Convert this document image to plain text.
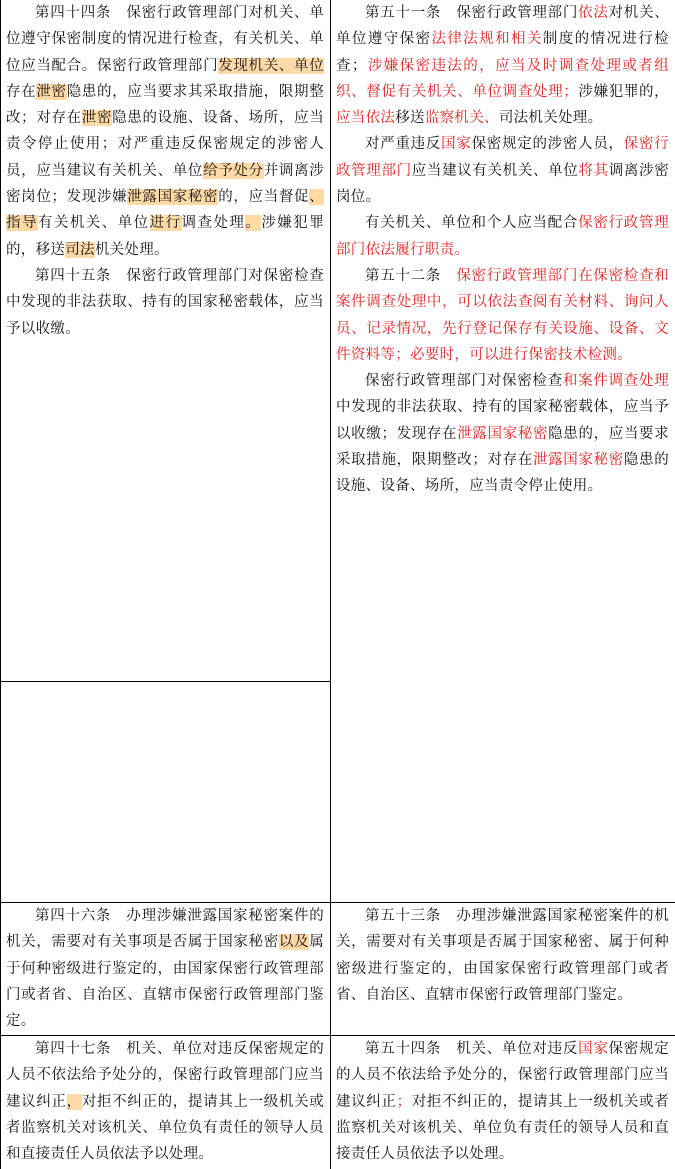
第四十四条　保密行政管理部门对机关、单位遵守保密制度的情况进行检查，有关机关、单位应当配合。保密行政管理部门发现机关、单位存在泄密隐患的，应当要求其采取措施，限期整改；对存在泄密隐患的设施、设备、场所，应当责令停止使用；对严重违反保密规定的涉密人员，应当建议有关机关、单位给予处分并调离涉密岗位；发现涉嫌泄露国家秘密的，应当督促、指导有关机关、单位进行调查处理。涉嫌犯罪的，移送司法机关处理。

第四十五条　保密行政管理部门对保密检查中发现的非法获取、持有的国家秘密载体，应当予以收缴。

第五十一条　保密行政管理部门依法对机关、单位遵守保密法律法规和相关制度的情况进行检查；涉嫌保密违法的，应当及时调查处理或者组织、督促有关机关、单位调查处理；涉嫌犯罪的，应当依法移送监察机关、司法机关处理。

对严重违反国家保密规定的涉密人员，保密行政管理部门应当建议有关机关、单位将其调离涉密岗位。

有关机关、单位和个人应当配合保密行政管理部门依法履行职责。

第五十二条　保密行政管理部门在保密检查和案件调查处理中，可以依法查阅有关材料、询问人员、记录情况，先行登记保存有关设施、设备、文件资料等；必要时，可以进行保密技术检测。

保密行政管理部门对保密检查和案件调查处理中发现的非法获取、持有的国家秘密载体，应当予以收缴；发现存在泄露国家秘密隐患的，应当要求采取措施，限期整改；对存在泄露国家秘密隐患的设施、设备、场所，应当责令停止使用。

第四十六条　办理涉嫌泄露国家秘密案件的机关，需要对有关事项是否属于国家秘密以及属于何种密级进行鉴定的，由国家保密行政管理部门或者省、自治区、直辖市保密行政管理部门鉴定。

第五十三条　办理涉嫌泄露国家秘密案件的机关，需要对有关事项是否属于国家秘密、属于何种密级进行鉴定的，由国家保密行政管理部门或者省、自治区、直辖市保密行政管理部门鉴定。

第四十七条　机关、单位对违反保密规定的人员不依法给予处分的，保密行政管理部门应当建议纠正，对拒不纠正的，提请其上一级机关或者监察机关对该机关、单位负有责任的领导人员和直接责任人员依法予以处理。

第五十四条　机关、单位对违反国家保密规定的人员不依法给予处分的，保密行政管理部门应当建议纠正；对拒不纠正的，提请其上一级机关或者监察机关对该机关、单位负有责任的领导人员和直接责任人员依法予以处理。
